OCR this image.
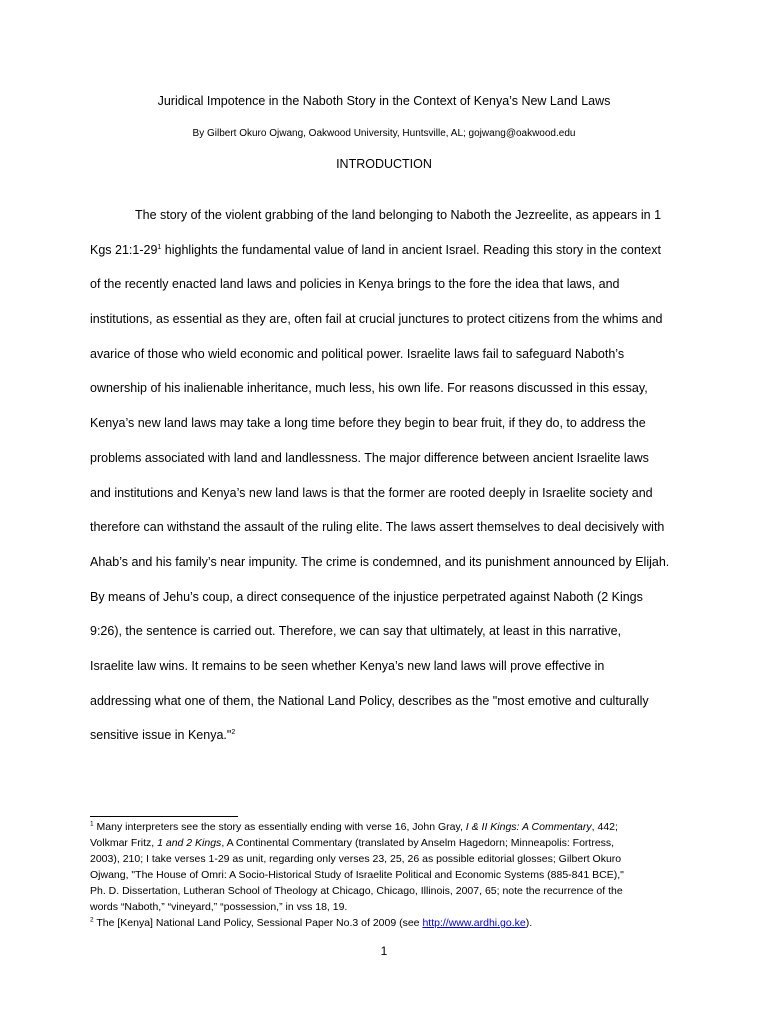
Juridical Impotence in the Naboth Story in the Context of Kenya’s New Land Laws
By Gilbert Okuro Ojwang, Oakwood University, Huntsville, AL; gojwang@oakwood.edu
INTRODUCTION
The story of the violent grabbing of the land belonging to Naboth the Jezreelite, as appears in 1
Kgs $21:1-29^1$ highlights the fundamental value of land in ancient Israel. Reading this story in the context
of the recently enacted land laws and policies in Kenya brings to the fore the idea that laws, and
institutions, as essential as they are, often fail at crucial junctures to protect citizens from the whims and
avarice of those who wield economic and political power. Israelite laws fail to safeguard Naboth’s
ownership of his inalienable inheritance, much less, his own life. For reasons discussed in this essay,
Kenya’s new land laws may take a long time before they begin to bear fruit, if they do, to address the
problems associated with land and landlessness. The major difference between ancient Israelite laws
and institutions and Kenya’s new land laws is that the former are rooted deeply in Israelite society and
therefore can withstand the assault of the ruling elite. The laws assert themselves to deal decisively with
Ahab’s and his family’s near impunity. The crime is condemned, and its punishment announced by Elijah.
By means of Jehu’s coup, a direct consequence of the injustice perpetrated against Naboth (2 Kings
9:26), the sentence is carried out. Therefore, we can say that ultimately, at least in this narrative,
Israelite law wins. It remains to be seen whether Kenya’s new land laws will prove effective in
addressing what one of them, the National Land Policy, describes as the "most emotive and culturally
sensitive issue in Kenya."$^2$
$^1$ Many interpreters see the story as essentially ending with verse 16, John Gray, I & II Kings: A Commentary, 442;
Volkmar Fritz, 1 and 2 Kings, A Continental Commentary (translated by Anselm Hagedorn; Minneapolis: Fortress,
2003), 210; I take verses 1-29 as unit, regarding only verses 23, 25, 26 as possible editorial glosses; Gilbert Okuro
Ojwang, "The House of Omri: A Socio-Historical Study of Israelite Political and Economic Systems (885-841 BCE),"
Ph. D. Dissertation, Lutheran School of Theology at Chicago, Chicago, Illinois, 2007, 65; note the recurrence of the
words “Naboth,” “vineyard,” “possession,” in vss 18, 19.
$^2$ The [Kenya] National Land Policy, Sessional Paper No.3 of 2009 (see http://www.ardhi.go.ke).
1
